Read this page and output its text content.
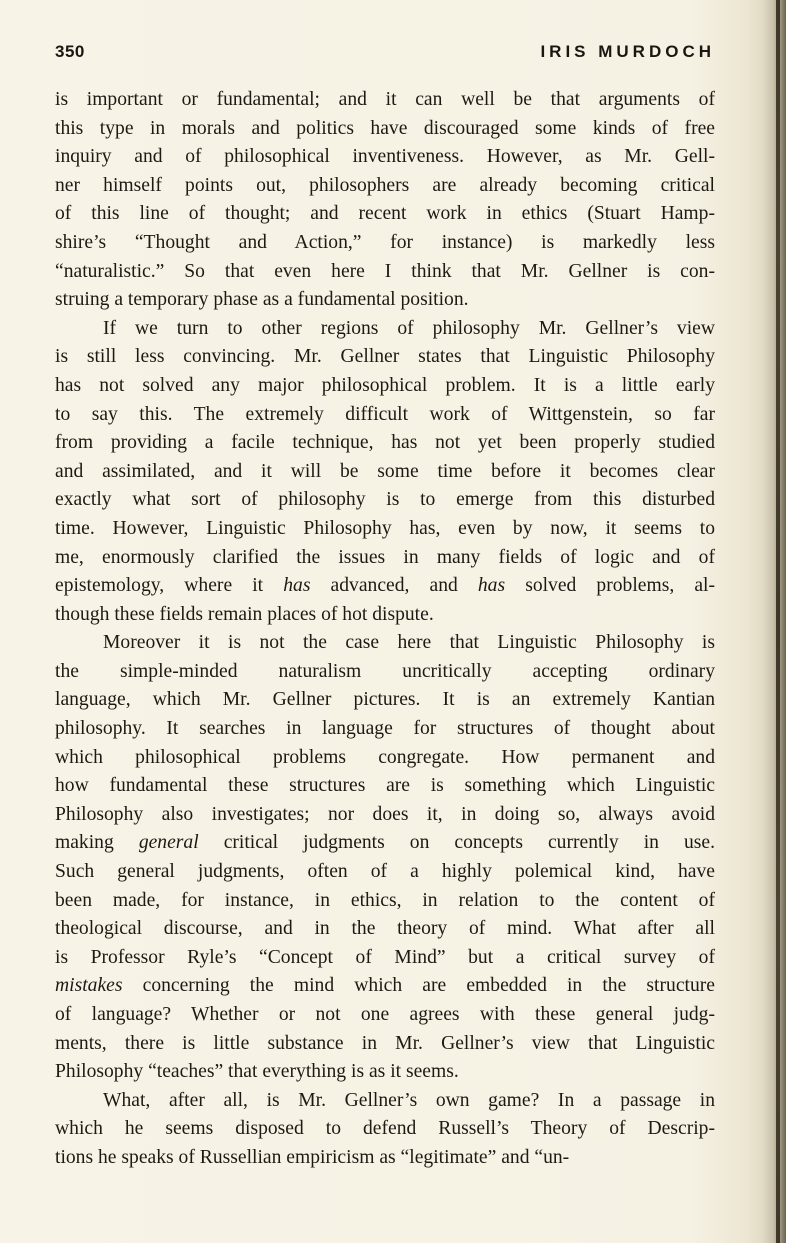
350	IRIS MURDOCH

is important or fundamental; and it can well be that arguments of
this type in morals and politics have discouraged some kinds of free
inquiry and of philosophical inventiveness. However, as Mr. Gell-
ner himself points out, philosophers are already becoming critical
of this line of thought; and recent work in ethics (Stuart Hamp-
shire’s “Thought and Action,” for instance) is markedly less
“naturalistic.” So that even here I think that Mr. Gellner is con-
struing a temporary phase as a fundamental position.

If we turn to other regions of philosophy Mr. Gellner’s view
is still less convincing. Mr. Gellner states that Linguistic Philosophy
has not solved any major philosophical problem. It is a little early
to say this. The extremely difficult work of Wittgenstein, so far
from providing a facile technique, has not yet been properly studied
and assimilated, and it will be some time before it becomes clear
exactly what sort of philosophy is to emerge from this disturbed
time. However, Linguistic Philosophy has, even by now, it seems to
me, enormously clarified the issues in many fields of logic and of
epistemology, where it has advanced, and has solved problems, al-
though these fields remain places of hot dispute.

Moreover it is not the case here that Linguistic Philosophy is
the simple-minded naturalism uncritically accepting ordinary
language, which Mr. Gellner pictures. It is an extremely Kantian
philosophy. It searches in language for structures of thought about
which philosophical problems congregate. How permanent and
how fundamental these structures are is something which Linguistic
Philosophy also investigates; nor does it, in doing so, always avoid
making general critical judgments on concepts currently in use.
Such general judgments, often of a highly polemical kind, have
been made, for instance, in ethics, in relation to the content of
theological discourse, and in the theory of mind. What after all
is Professor Ryle’s “Concept of Mind” but a critical survey of
mistakes concerning the mind which are embedded in the structure
of language? Whether or not one agrees with these general judg-
ments, there is little substance in Mr. Gellner’s view that Linguistic
Philosophy “teaches” that everything is as it seems.

What, after all, is Mr. Gellner’s own game? In a passage in
which he seems disposed to defend Russell’s Theory of Descrip-
tions he speaks of Russellian empiricism as “legitimate” and “un-
